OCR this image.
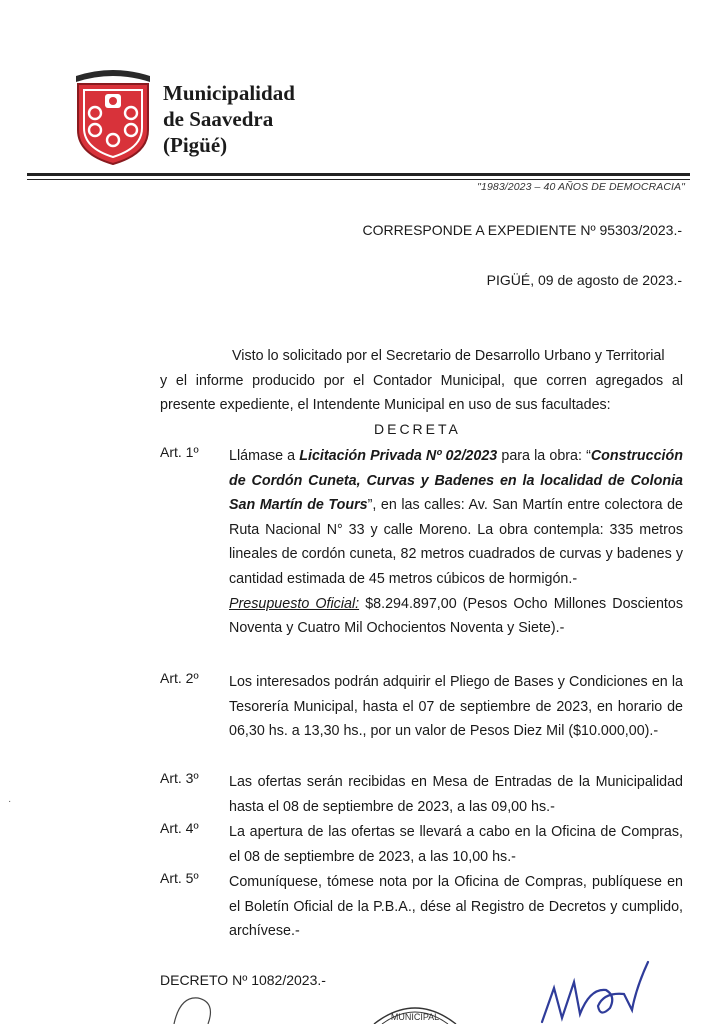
Municipalidad
de Saavedra
(Pigüé)
"1983/2023 – 40 AÑOS DE DEMOCRACIA"
CORRESPONDE A EXPEDIENTE Nº 95303/2023.-
PIGÜÉ, 09 de agosto de 2023.-
Visto lo solicitado por el Secretario de Desarrollo Urbano y Territorial
y el informe producido por el Contador Municipal, que corren agregados al presente expediente, el Intendente Municipal en uso de sus facultades:
DECRETA
Art. 1º Llámase a Licitación Privada Nº 02/2023 para la obra: “Construcción de Cordón Cuneta, Curvas y Badenes en la localidad de Colonia San Martín de Tours”, en las calles: Av. San Martín entre colectora de Ruta Nacional N° 33 y calle Moreno. La obra contempla: 335 metros lineales de cordón cuneta, 82 metros cuadrados de curvas y badenes y cantidad estimada de 45 metros cúbicos de hormigón.-
Presupuesto Oficial: $8.294.897,00 (Pesos Ocho Millones Doscientos Noventa y Cuatro Mil Ochocientos Noventa y Siete).-
Art. 2º Los interesados podrán adquirir el Pliego de Bases y Condiciones en la Tesorería Municipal, hasta el 07 de septiembre de 2023, en horario de 06,30 hs. a 13,30 hs., por un valor de Pesos Diez Mil ($10.000,00).-
Art. 3º Las ofertas serán recibidas en Mesa de Entradas de la Municipalidad hasta el 08 de septiembre de 2023, a las 09,00 hs.-
Art. 4º La apertura de las ofertas se llevará a cabo en la Oficina de Compras, el 08 de septiembre de 2023, a las 10,00 hs.-
Art. 5º Comuníquese, tómese nota por la Oficina de Compras, publíquese en el Boletín Oficial de la P.B.A., dése al Registro de Decretos y cumplido, archívese.-
DECRETO Nº 1082/2023.-
MUNICIPAL
·
